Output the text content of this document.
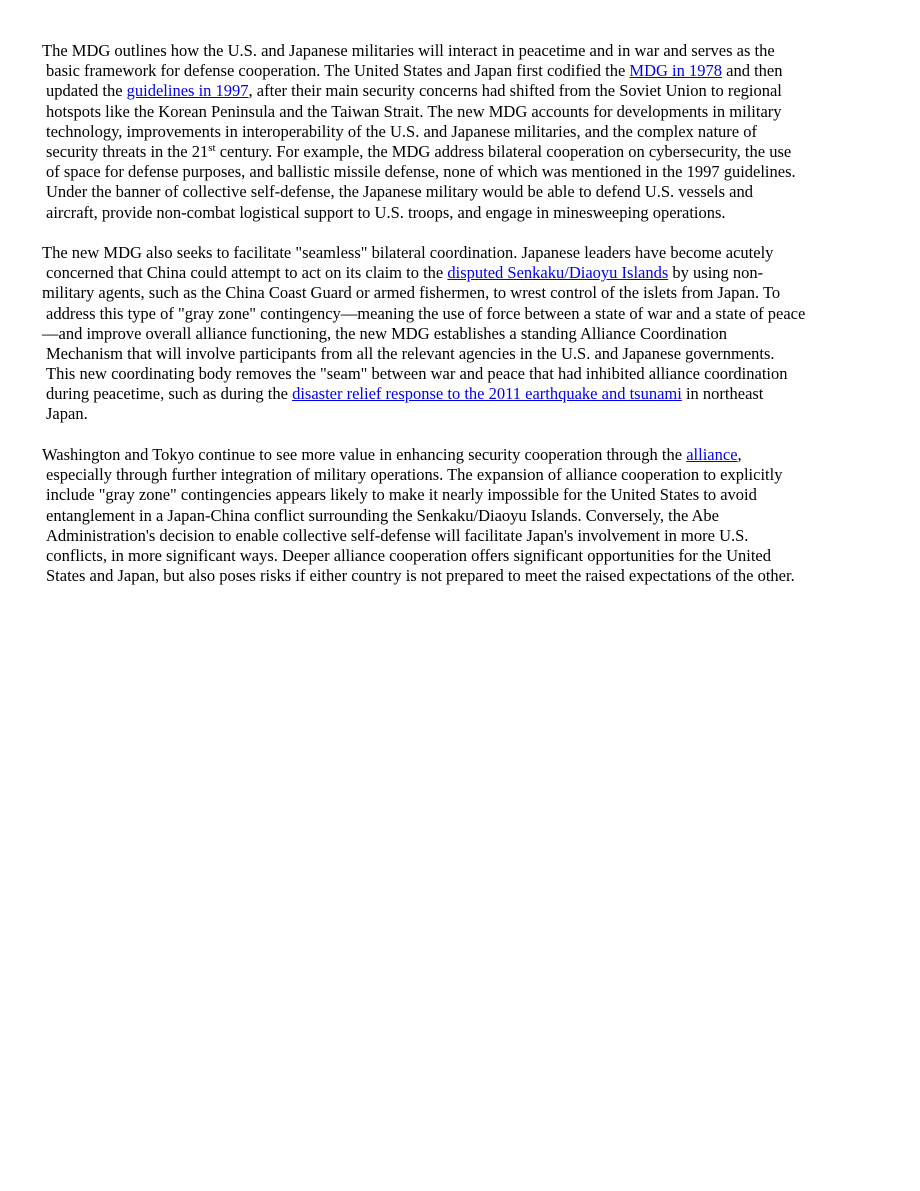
The MDG outlines how the U.S. and Japanese militaries will interact in peacetime and in war and serves as the
basic framework for defense cooperation. The United States and Japan first codified the MDG in 1978 and then
updated the guidelines in 1997, after their main security concerns had shifted from the Soviet Union to regional
hotspots like the Korean Peninsula and the Taiwan Strait. The new MDG accounts for developments in military
technology, improvements in interoperability of the U.S. and Japanese militaries, and the complex nature of
security threats in the 21st century. For example, the MDG address bilateral cooperation on cybersecurity, the use
of space for defense purposes, and ballistic missile defense, none of which was mentioned in the 1997 guidelines.
Under the banner of collective self-defense, the Japanese military would be able to defend U.S. vessels and
aircraft, provide non-combat logistical support to U.S. troops, and engage in minesweeping operations.
The new MDG also seeks to facilitate "seamless" bilateral coordination. Japanese leaders have become acutely
concerned that China could attempt to act on its claim to the disputed Senkaku/Diaoyu Islands by using non-
military agents, such as the China Coast Guard or armed fishermen, to wrest control of the islets from Japan. To
address this type of "gray zone" contingency—meaning the use of force between a state of war and a state of peace
—and improve overall alliance functioning, the new MDG establishes a standing Alliance Coordination
Mechanism that will involve participants from all the relevant agencies in the U.S. and Japanese governments.
This new coordinating body removes the "seam" between war and peace that had inhibited alliance coordination
during peacetime, such as during the disaster relief response to the 2011 earthquake and tsunami in northeast
Japan.
Washington and Tokyo continue to see more value in enhancing security cooperation through the alliance,
especially through further integration of military operations. The expansion of alliance cooperation to explicitly
include "gray zone" contingencies appears likely to make it nearly impossible for the United States to avoid
entanglement in a Japan-China conflict surrounding the Senkaku/Diaoyu Islands. Conversely, the Abe
Administration's decision to enable collective self-defense will facilitate Japan's involvement in more U.S.
conflicts, in more significant ways. Deeper alliance cooperation offers significant opportunities for the United
States and Japan, but also poses risks if either country is not prepared to meet the raised expectations of the other.
